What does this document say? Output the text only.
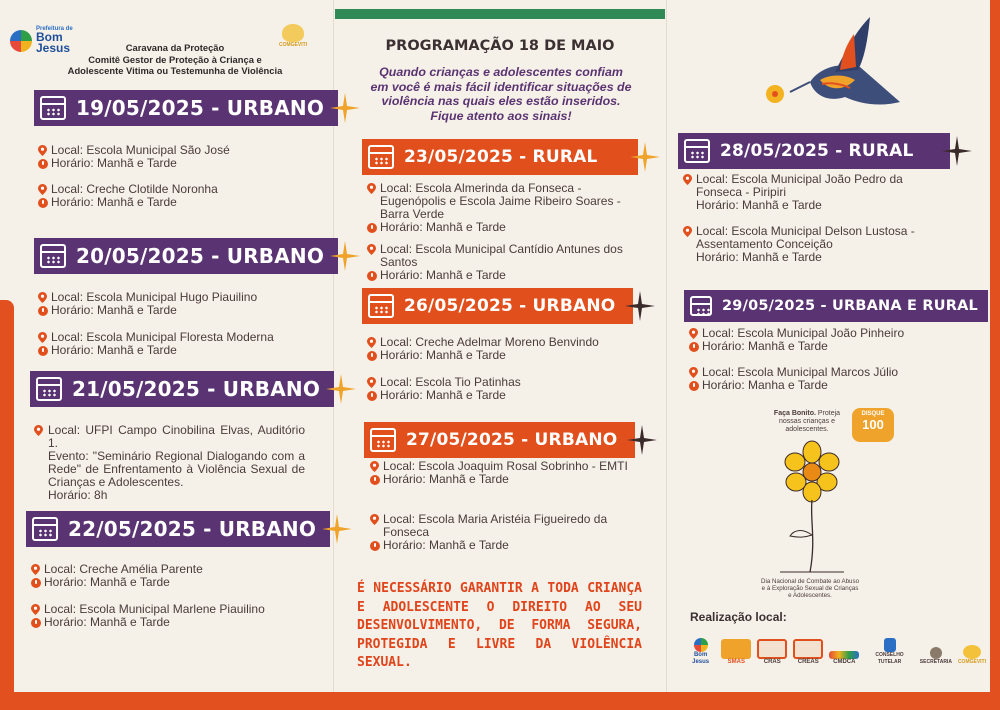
Prefeitura de
Bom Jesus	Caravana da Proteção
Comitê Gestor de Proteção à Criança e
Adolescente Vitima ou Testemunha de Violência
COMGEVITI	PROGRAMAÇÃO 18 DE MAIO
Quando crianças e adolescentes confiam em você é mais fácil identificar situações de violência nas quais eles estão inseridos. Fique atento aos sinais!
19/05/2025 - URBANO
Local: Escola Municipal São José
Horário: Manhã e Tarde
Local: Creche Clotilde Noronha
Horário: Manhã e Tarde
20/05/2025 - URBANO
Local: Escola Municipal Hugo Piauilino
Horário: Manhã e Tarde
Local: Escola Municipal Floresta Moderna
Horário: Manhã e Tarde
21/05/2025 - URBANO
Local: UFPI Campo Cinobilina Elvas, Auditório 1.
Evento: "Seminário Regional Dialogando com a Rede" de Enfrentamento à Violência Sexual de Crianças e Adolescentes.
Horário: 8h
22/05/2025 - URBANO
Local: Creche Amélia Parente
Horário: Manhã e Tarde
Local: Escola Municipal Marlene Piauilino
Horário: Manhã e Tarde
23/05/2025 - RURAL
Local: Escola Almerinda da Fonseca - Eugenópolis e Escola Jaime Ribeiro Soares - Barra Verde
Horário: Manhã e Tarde
Local: Escola Municipal Cantídio Antunes dos Santos
Horário: Manhã e Tarde
26/05/2025 - URBANO
Local: Creche Adelmar Moreno Benvindo
Horário: Manhã e Tarde
Local: Escola Tio Patinhas
Horário: Manhã e Tarde
27/05/2025 - URBANO
Local: Escola Joaquim Rosal Sobrinho - EMTI
Horário: Manhã e Tarde
Local: Escola Maria Aristéia Figueiredo da Fonseca
Horário: Manhã e Tarde
É NECESSÁRIO GARANTIR A TODA CRIANÇA E ADOLESCENTE O DIREITO AO SEU DESENVOLVIMENTO, DE FORMA SEGURA, PROTEGIDA E LIVRE DA VIOLÊNCIA SEXUAL.
28/05/2025 - RURAL
Local: Escola Municipal João Pedro da Fonseca - Piripiri
Horário: Manhã e Tarde
Local: Escola Municipal Delson Lustosa - Assentamento Conceição
Horário: Manhã e Tarde
29/05/2025 - URBANA E RURAL
Local: Escola Municipal João Pinheiro
Horário: Manhã e Tarde
Local: Escola Municipal Marcos Júlio
Horário: Manha e Tarde
Faça Bonito. Proteja nossas crianças e adolescentes.
DISQUE
100
Dia Nacional de Combate ao Abuso e à Exploração Sexual de Crianças e Adolescentes.
Realização local:
Bom Jesus	SMAS	CRAS	CREAS	CMDCA
CONSELHO TUTELAR	SECRETARIA COMGEVITI
